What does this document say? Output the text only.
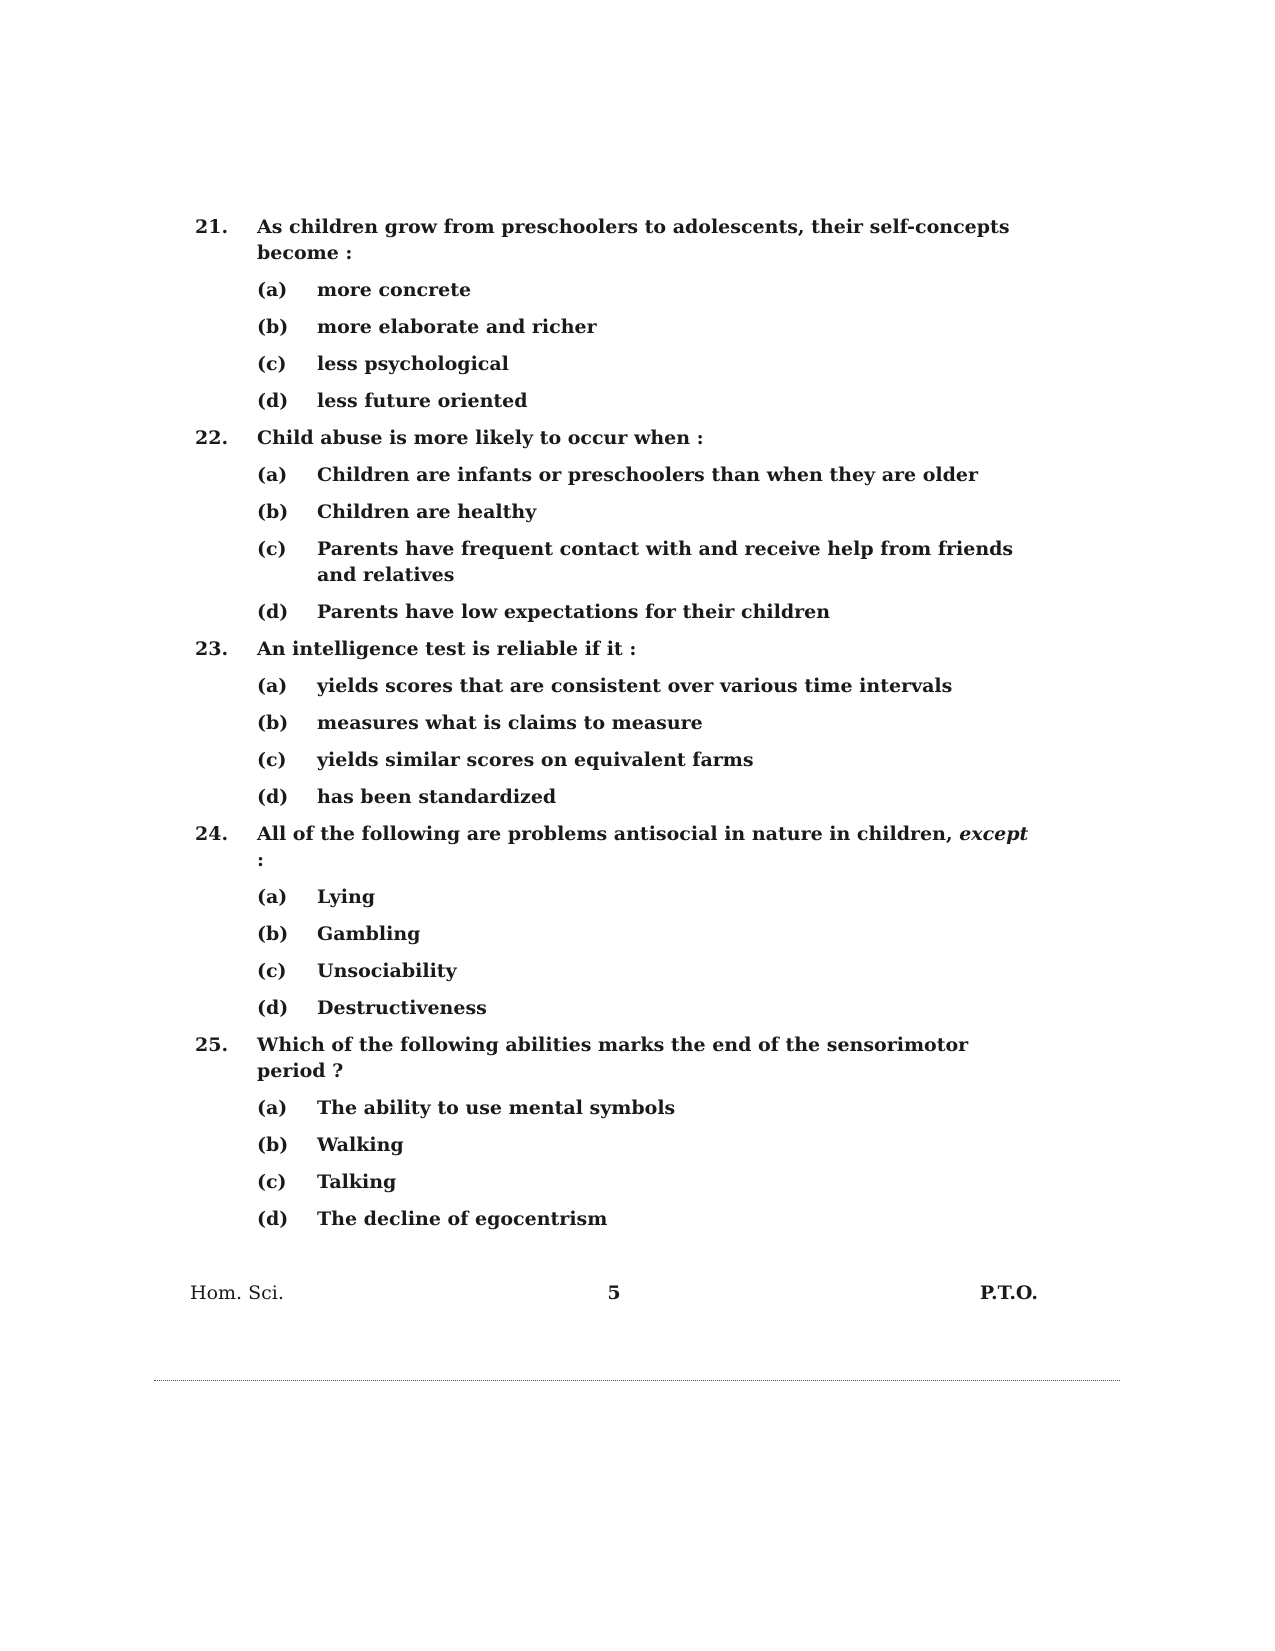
21.	As children grow from preschoolers to adolescents, their self-concepts become :
(a)	more concrete
(b)	more elaborate and richer
(c)	less psychological
(d)	less future oriented
22.	Child abuse is more likely to occur when :
(a)	Children are infants or preschoolers than when they are older
(b)	Children are healthy
(c)	Parents have frequent contact with and receive help from friends and relatives
(d)	Parents have low expectations for their children
23.	An intelligence test is reliable if it :
(a)	yields scores that are consistent over various time intervals
(b)	measures what is claims to measure
(c)	yields similar scores on equivalent farms
(d)	has been standardized
24.	All of the following are problems antisocial in nature in children, except :
(a)	Lying
(b)	Gambling
(c)	Unsociability
(d)	Destructiveness
25.	Which of the following abilities marks the end of the sensorimotor period ?
(a)	The ability to use mental symbols
(b)	Walking
(c)	Talking
(d)	The decline of egocentrism
Hom. Sci.	5	P.T.O.
